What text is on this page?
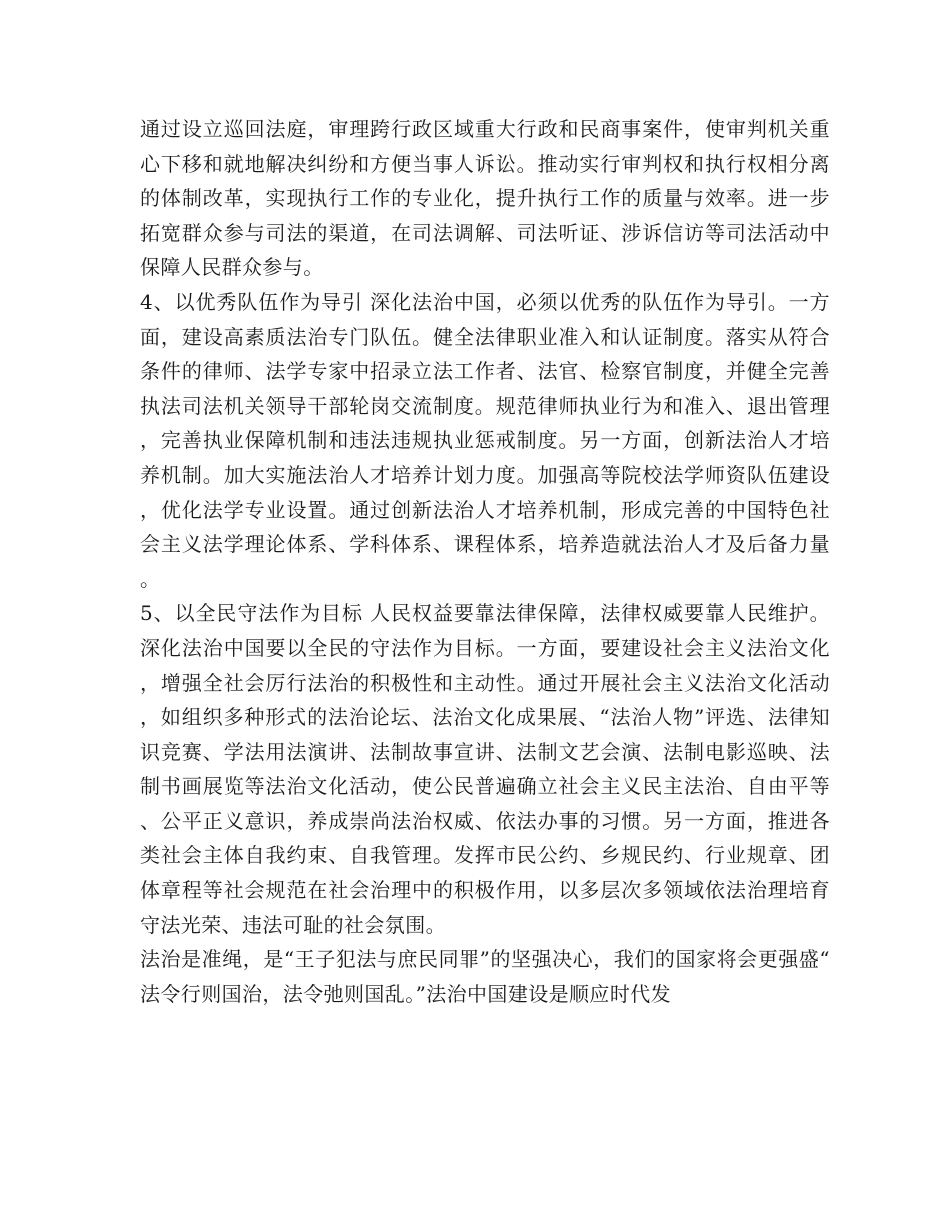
通过设立巡回法庭，审理跨行政区域重大行政和民商事案件，使审判机关重心下移和就地解决纠纷和方便当事人诉讼。推动实行审判权和执行权相分离的体制改革，实现执行工作的专业化，提升执行工作的质量与效率。进一步拓宽群众参与司法的渠道，在司法调解、司法听证、涉诉信访等司法活动中保障人民群众参与。

4、以优秀队伍作为导引 深化法治中国，必须以优秀的队伍作为导引。一方面，建设高素质法治专门队伍。健全法律职业准入和认证制度。落实从符合条件的律师、法学专家中招录立法工作者、法官、检察官制度，并健全完善执法司法机关领导干部轮岗交流制度。规范律师执业行为和准入、退出管理，完善执业保障机制和违法违规执业惩戒制度。另一方面，创新法治人才培养机制。加大实施法治人才培养计划力度。加强高等院校法学师资队伍建设，优化法学专业设置。通过创新法治人才培养机制，形成完善的中国特色社会主义法学理论体系、学科体系、课程体系，培养造就法治人才及后备力量。

5、以全民守法作为目标 人民权益要靠法律保障，法律权威要靠人民维护。深化法治中国要以全民的守法作为目标。一方面，要建设社会主义法治文化，增强全社会厉行法治的积极性和主动性。通过开展社会主义法治文化活动，如组织多种形式的法治论坛、法治文化成果展、“法治人物”评选、法律知识竞赛、学法用法演讲、法制故事宣讲、法制文艺会演、法制电影巡映、法制书画展览等法治文化活动，使公民普遍确立社会主义民主法治、自由平等、公平正义意识，养成崇尚法治权威、依法办事的习惯。另一方面，推进各类社会主体自我约束、自我管理。发挥市民公约、乡规民约、行业规章、团体章程等社会规范在社会治理中的积极作用，以多层次多领域依法治理培育守法光荣、违法可耻的社会氛围。

法治是准绳，是“王子犯法与庶民同罪”的坚强决心，我们的国家将会更强盛“法令行则国治，法令弛则国乱。”法治中国建设是顺应时代发
